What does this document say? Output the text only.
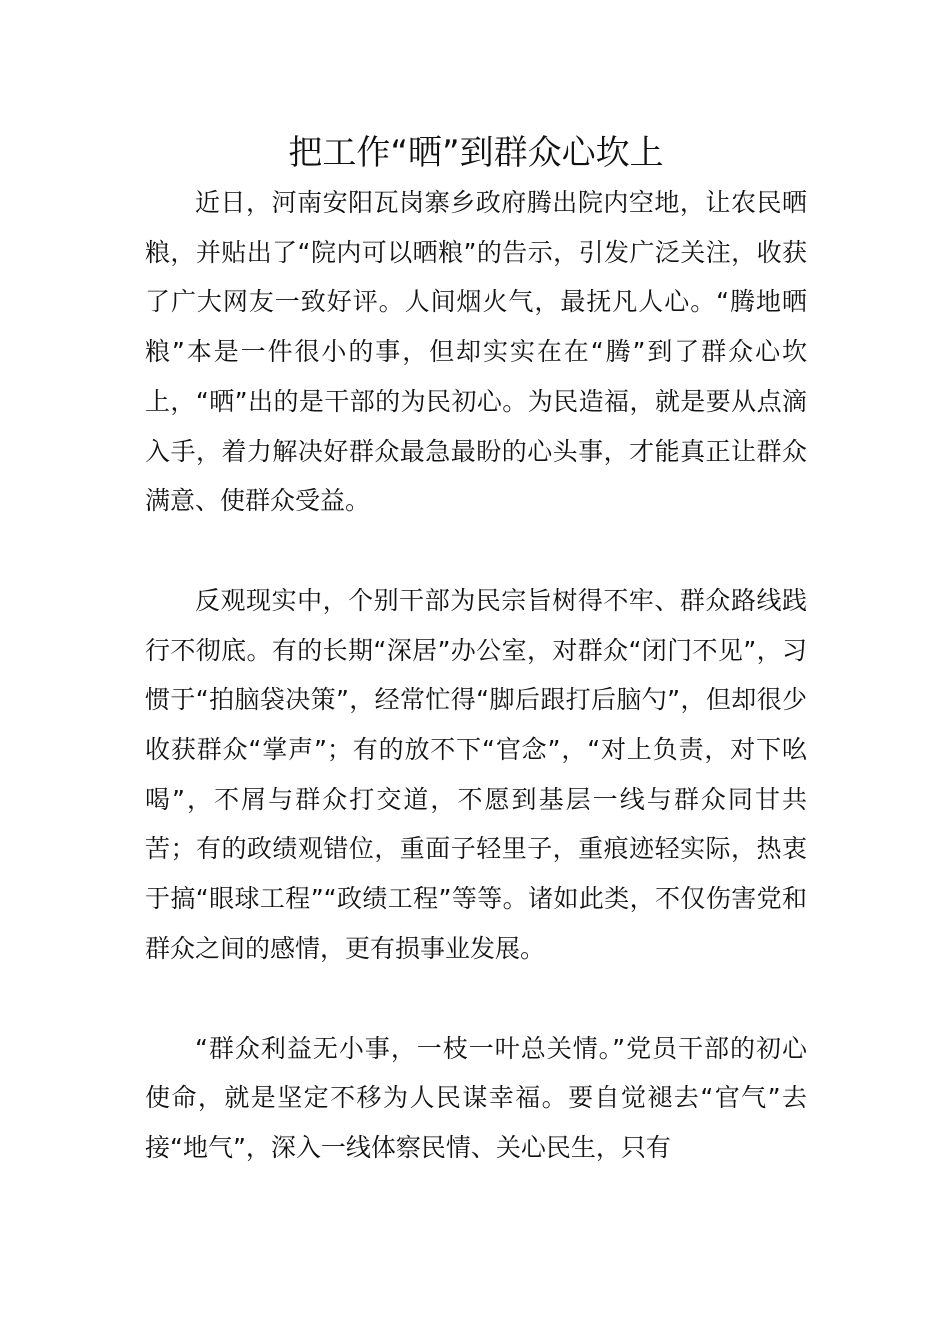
把工作“晒”到群众心坎上

近日，河南安阳瓦岗寨乡政府腾出院内空地，让农民晒粮，并贴出了“院内可以晒粮”的告示，引发广泛关注，收获了广大网友一致好评。人间烟火气，最抚凡人心。“腾地晒粮”本是一件很小的事，但却实实在在“腾”到了群众心坎上，“晒”出的是干部的为民初心。为民造福，就是要从点滴入手，着力解决好群众最急最盼的心头事，才能真正让群众满意、使群众受益。

反观现实中，个别干部为民宗旨树得不牢、群众路线践行不彻底。有的长期“深居”办公室，对群众“闭门不见”，习惯于“拍脑袋决策”，经常忙得“脚后跟打后脑勺”，但却很少收获群众“掌声”；有的放不下“官念”，“对上负责，对下吆喝”，不屑与群众打交道，不愿到基层一线与群众同甘共苦；有的政绩观错位，重面子轻里子，重痕迹轻实际，热衷于搞“眼球工程”“政绩工程”等等。诸如此类，不仅伤害党和群众之间的感情，更有损事业发展。

“群众利益无小事，一枝一叶总关情。”党员干部的初心使命，就是坚定不移为人民谋幸福。要自觉褪去“官气”去接“地气”，深入一线体察民情、关心民生，只有
